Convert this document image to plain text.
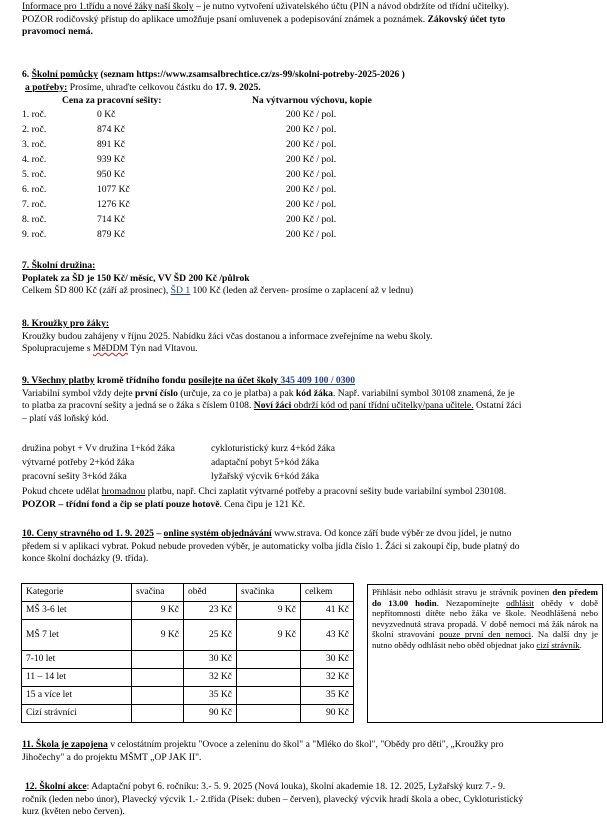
Informace pro 1.třídu a nové žáky naší školy – je nutno vytvoření uživatelského účtu (PIN a návod obdržíte od třídní učitelky).

POZOR rodičovský přístup do aplikace umožňuje psaní omluvenek a podepisování známek a poznámek. Zákovský účet tyto

pravomoci nemá.

6. Školní pomůcky (seznam https://www.zsamsalbrechtice.cz/zs-99/skolni-potreby-2025-2026 )

a potřeby: Prosíme, uhraďte celkovou částku do 17. 9. 2025.

Cena za pracovní sešity:	Na výtvarnou výchovu, kopie
1. roč.	0 Kč	200 Kč / pol.
2. roč.	874 Kč	200 Kč / pol.
3. roč.	891 Kč	200 Kč / pol.
4. roč.	939 Kč	200 Kč / pol.
5. roč.	950 Kč	200 Kč / pol.
6. roč.	1077 Kč	200 Kč / pol.
7. roč.	1276 Kč	200 Kč / pol.
8. roč.	714 Kč	200 Kč / pol.
9. roč.	879 Kč	200 Kč / pol.

7. Školní družina:

Poplatek za ŠD je 150 Kč/ měsíc, VV ŠD 200 Kč /půlrok

Celkem ŠD 800 Kč (září až prosinec), ŠD 1 100 Kč (leden až červen- prosíme o zaplacení až v lednu)

8. Kroužky pro žáky:

Kroužky budou zahájeny v říjnu 2025. Nabídku žáci včas dostanou a informace zveřejníme na webu školy.

Spolupracujeme s MěDDM Týn nad Vltavou.

9. Všechny platby kromě třídního fondu posílejte na účet školy 345 409 100 / 0300

Variabilní symbol vždy dejte první číslo (určuje, za co je platba) a pak kód žáka. Např. variabilní symbol 30108 znamená, že je

to platba za pracovní sešity a jedná se o žáka s číslem 0108. Noví žáci obdrží kód od paní třídní učitelky/pana učitele. Ostatní žáci

– platí váš loňský kód.

družina pobyt + Vv družina 1+kód žáka	cykloturistický kurz 4+kód žáka
výtvarné potřeby 2+kód žáka	adaptační pobyt 5+kód žáka
pracovní sešity 3+kód žáka	lyžařský výcvik 6+kód žáka

Pokud chcete udělat hromadnou platbu, např. Chci zaplatit výtvarné potřeby a pracovní sešity bude variabilní symbol 230108.

POZOR – třídní fond a čip se platí pouze hotově. Cena čipu je 121 Kč.

10. Ceny stravného od 1. 9. 2025 – online systém objednávání www.strava. Od konce září bude výběr ze dvou jídel, je nutno

předem si v aplikaci vybrat. Pokud nebude proveden výběr, je automaticky volba jídla číslo 1. Žáci si zakoupí čip, bude platný do

konce školní docházky (9. třída).

Kategorie	svačina	oběd	svačinka	celkem
MŠ 3-6 let	9 Kč	23 Kč	9 Kč	41 Kč
MŠ 7 let	9 Kč	25 Kč	9 Kč	43 Kč
7-10 let		30 Kč		30 Kč
11 – 14 let		32 Kč		32 Kč
15 a více let		35 Kč		35 Kč
Cizí strávníci		90 Kč		90 Kč
Přihlásit nebo odhlásit stravu je strávník povinen den předem do 13.00 hodin. Nezapomínejte odhlásit obědy v době nepřítomnosti dítěte nebo žáka ve škole. Neodhlášená nebo nevyzvednutá strava propadá. V době nemoci má žák nárok na školní stravování pouze první den nemoci. Na další dny je nutno obědy odhlásit nebo oběd objednat jako cizí strávník.

11. Škola je zapojena v celostátním projektu "Ovoce a zeleninu do škol" a "Mléko do škol", "Obědy pro děti", „Kroužky pro

Jihočechy" a do projektu MŠMT „OP JAK II".

12. Školní akce: Adaptační pobyt 6. ročníku: 3.- 5. 9. 2025 (Nová louka), školní akademie 18. 12. 2025, Lyžařský kurz 7.- 9.

ročník (leden nebo únor), Plavecký výcvik 1.- 2.třída (Písek: duben – červen), plavecký výcvik hradí škola a obec, Cykloturistický

kurz (květen nebo červen).
